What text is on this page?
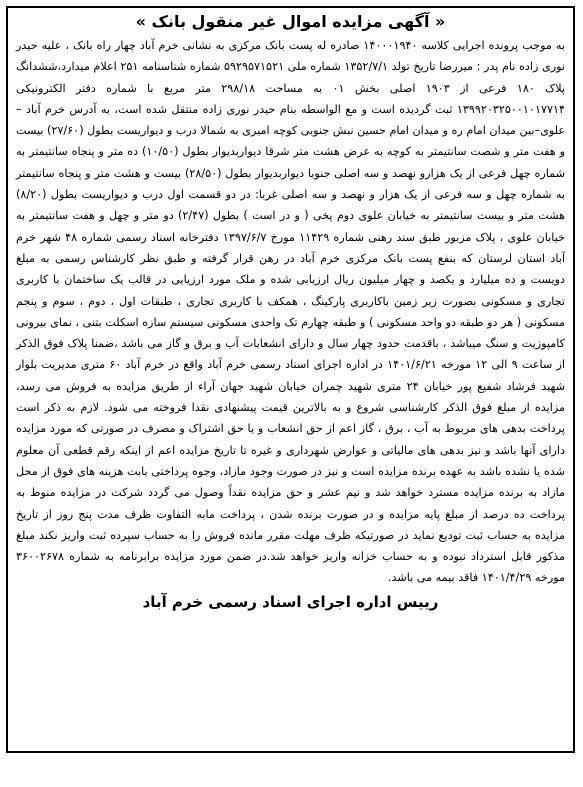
« آگهی مزایده اموال غیر منقول بانک »

به موجب پرونده اجرایی کلاسه ۱۴۰۰۰۱۹۴۰ صادره له پست بانک مرکزی به نشانی خرم آباد چهار راه بانک ، علیه حیدر نوری زاده نام پدر : میررضا تاریخ تولد ۱۳۵۲/۷/۱ شماره ملی ۵۹۲۹۵۷۱۵۲۱ شماره شناسنامه ۲۵۱ اعلام میدارد،ششدانگ پلاک ۱۸۰ فرعی از ۱۹۰۳ اصلی بخش ۰۱ به مساحت ۲۹۸/۱۸ متر مربع با شماره دفتر الکترونیکی ۱۳۹۹۲۰۳۲۵۰۰۱۰۱۷۷۱۴ ثبت گردیده است و مع الواسطه بنام حیدر نوری زاده منتقل شده است، به آدرس خرم آباد –علوی–بین میدان امام ره و میدان امام حسین نبش جنوبی کوچه امیری به شمالا درب و دیواریست بطول (۲۷/۶۰) بیست و هفت متر و شصت سانتیمتر به کوچه به عرض هشت متر شرقا دیواربدیوار بطول (۱۰/۵۰) ده متر و پنجاه سانتیمتر به شماره چهل فرعی از یک هزارو نهصد و سه اصلی جنوبا دیواربدیوار بطول (۲۸/۵۰) بیست و هشت متر و پنجاه سانتیمتر به شماره چهل و سه فرعی از یک هزار و نهصد و سه اصلی غربا: در دو قسمت اول درب و دیواریست بطول (۸/۲۰) هشت متر و بیست سانتیمتر به خیابان علوی دوم پخی ( و در است ) بطول (۲/۴۷) دو متر و چهل و هفت سانتیمتر به خیابان علوی ، پلاک مزبور طبق سند رهنی شماره ۱۱۴۲۹ مورخ ۱۳۹۷/۶/۷ دفترخانه اسناد رسمی شماره ۴۸ شهر خرم آباد استان لرستان که بنفع پست بانک مرکزی خرم آباد در رهن قرار گرفته و طبق نظر کارشناس رسمی به مبلغ دویست و ده میلیارد و یکصد و چهار میلیون ریال ارزیابی شده و ملک مورد ارزیابی در قالب یک ساختمان با کاربری تجاری و مسکونی بصورت زیر زمین باکاربری پارکینگ ، همکف با کاربری تجاری ، طبقات اول ، دوم ، سوم و پنجم مسکونی ( هر دو طبقه دو واحد مسکونی ) و طبقه چهارم تک واحدی مسکونی سیستم سازه اسکلت بتنی ، نمای بیرونی کامپوزیت و سنگ میباشد ، باقدمت حدود چهار سال و دارای انشعابات آب و برق و گاز می باشد ،ضمنا پلاک فوق الذکر از ساعت ۹ الی ۱۲ مورخه ۱۴۰۱/۶/۲۱ در اداره اجرای اسناد رسمی خرم آباد واقع در خرم آباد ۶۰ متری مدیریت بلوار شهید فرشاد شفیع پور خیابان ۲۴ متری شهید چمران خیابان شهید جهان آراء از طریق مزایده به فروش می رسد، مزایده از مبلغ فوق الذکر کارشناسی شروع و به بالاترین قیمت پیشنهادی نقدا فروخته می شود. لازم به ذکر است پرداخت بدهی های مربوط به آب ، برق ، گاز اعم از حق انشعاب و یا حق اشتراک و مصرف در صورتی که مورد مزایده دارای آنها باشد و نیز بدهی های مالیاتی و عوارض شهرداری و غیره تا تاریخ مزایده اعم از اینکه رقم قطعی آن معلوم شده یا نشده باشد به عهده برنده مزایده است و نیز در صورت وجود مازاد، وجوه پرداختی بابت هزینه های فوق از محل مازاد به برنده مزایده مسترد خواهد شد و نیم عشر و حق مزایده نقداً وصول می گردد شرکت در مزایده منوط به پرداخت ده درصد از مبلغ پایه مزایده و در صورت برنده شدن ، پرداخت مابه التفاوت ظرف مدت پنج روز از تاریخ مزایده به حساب ثبت تودیع نماید در صورتیکه ظرف مهلت مقرر مانده فروش را به حساب سپرده ثبت واریز نکند مبلغ مذکور قابل استرداد نبوده و به حساب خزانه واریز خواهد شد.در ضمن مورد مزایده برابرنامه به شماره ۳۶۰۰۲۶۷۸ مورخه ۱۴۰۱/۴/۲۹ فاقد بیمه می باشد.

رییس اداره اجرای اسناد رسمی خرم آباد
